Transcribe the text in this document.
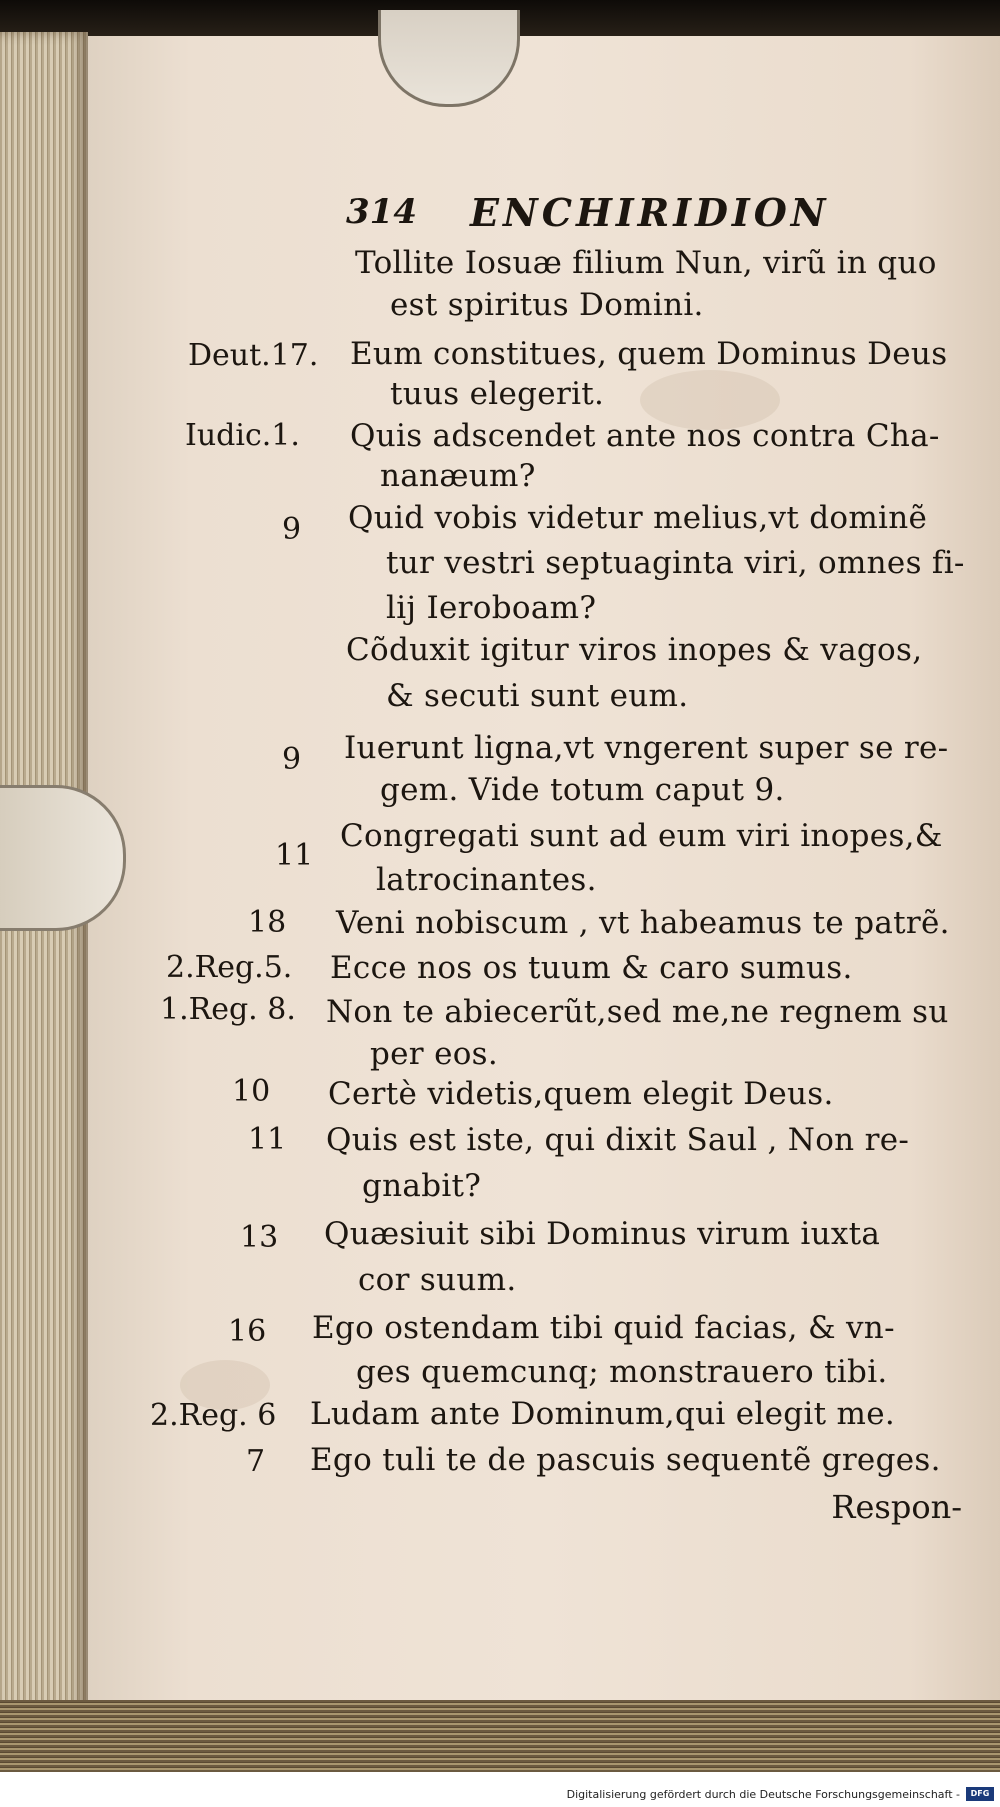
314 ENCHIRIDION
Tollite Iosuæ filium Nun, virũ in quo
est spiritus Domini.
Deut.17. Eum constitues, quem Dominus Deus
tuus elegerit.
Iudic.1. Quis adscendet ante nos contra Cha-
nanæum?
9 Quid vobis videtur melius,vt dominẽ
tur vestri septuaginta viri, omnes fi-
lij Ieroboam?
Cõduxit igitur viros inopes & vagos,
& secuti sunt eum.
9 Iuerunt ligna,vt vngerent super se re-
gem. Vide totum caput 9.
11
Congregati sunt ad eum viri inopes,&
latrocinantes.
18 Veni nobiscum , vt habeamus te patrẽ.
2.Reg.5. Ecce nos os tuum & caro sumus.
1.Reg. 8. Non te abiecerũt,sed me,ne regnem su
per eos.
10 Certè videtis,quem elegit Deus.
11 Quis est iste, qui dixit Saul , Non re-
gnabit?
13 Quæsiuit sibi Dominus virum iuxta
cor suum.
16 Ego ostendam tibi quid facias, & vn-
ges quemcunq; monstrauero tibi.
2.Reg. 6 Ludam ante Dominum,qui elegit me.
7 Ego tuli te de pascuis sequentẽ greges.
Respon-
Digitalisierung gefördert durch die Deutsche Forschungsgemeinschaft -	DFG
